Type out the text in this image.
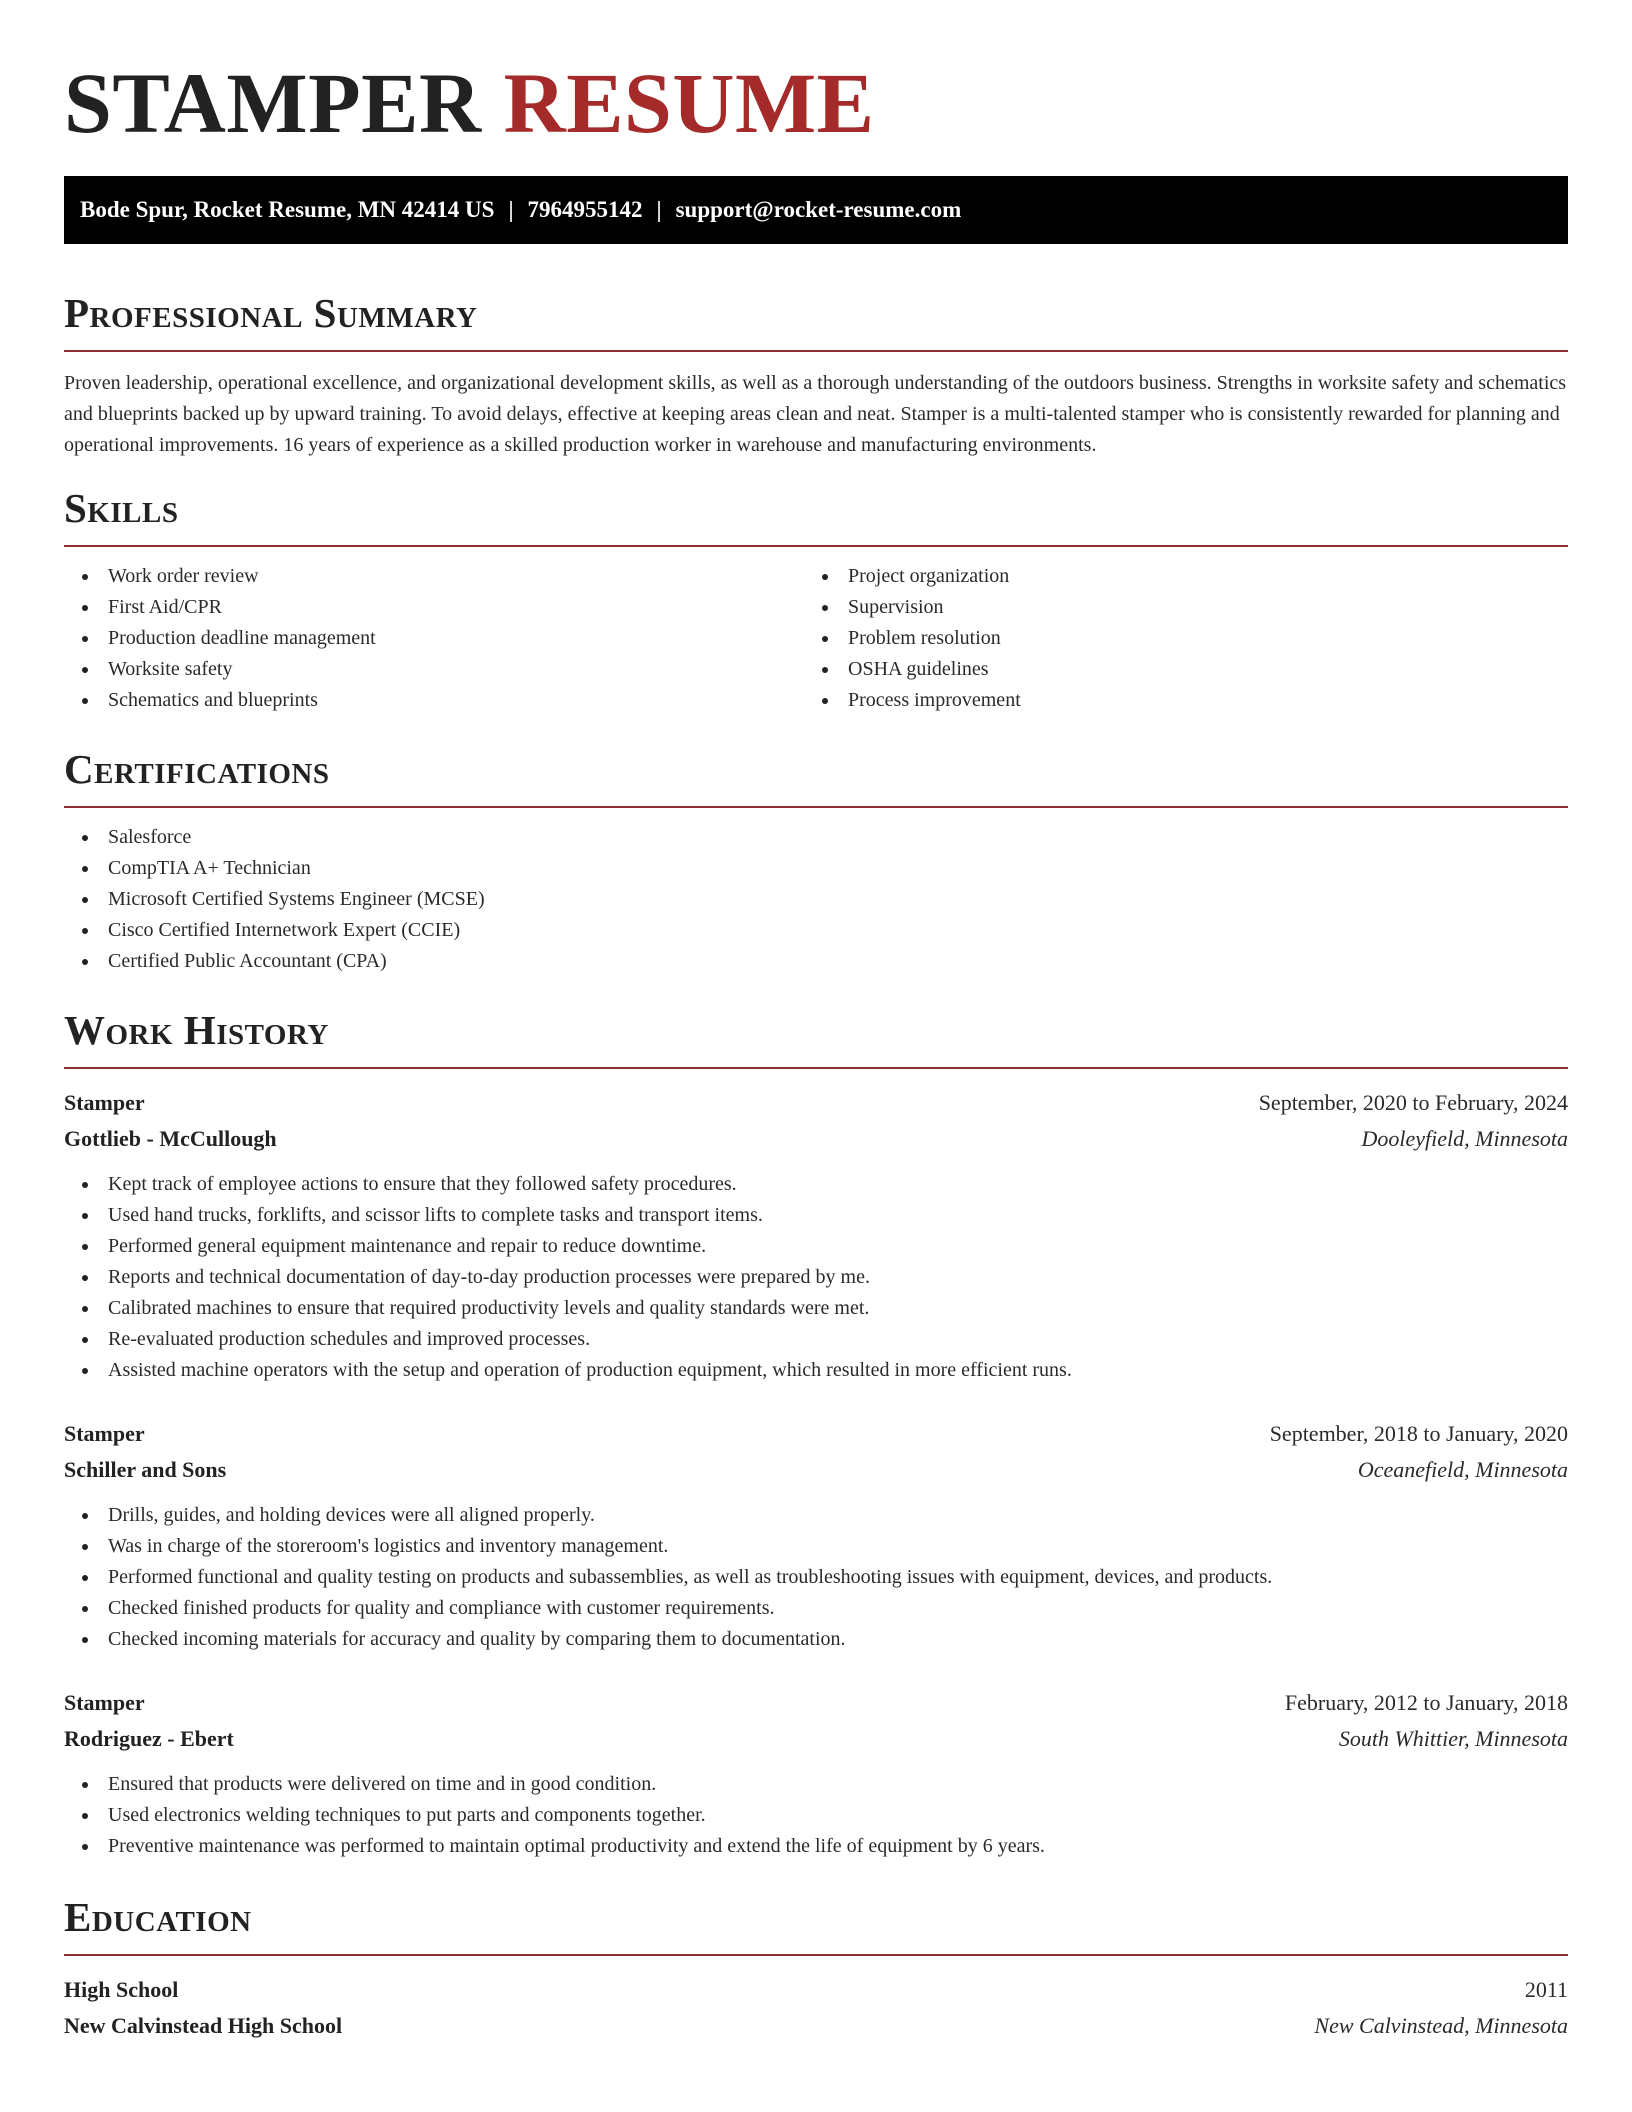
STAMPER RESUME
Bode Spur, Rocket Resume, MN 42414 US | 7964955142 | support@rocket-resume.com
Professional Summary

Proven leadership, operational excellence, and organizational development skills, as well as a thorough understanding of the outdoors business. Strengths in worksite safety and schematics and blueprints backed up by upward training. To avoid delays, effective at keeping areas clean and neat. Stamper is a multi-talented stamper who is consistently rewarded for planning and operational improvements. 16 years of experience as a skilled production worker in warehouse and manufacturing environments.

Skills
Work order review
First Aid/CPR
Production deadline management
Worksite safety
Schematics and blueprints
Project organization
Supervision
Problem resolution
OSHA guidelines
Process improvement
Certifications
Salesforce
CompTIA A+ Technician
Microsoft Certified Systems Engineer (MCSE)
Cisco Certified Internetwork Expert (CCIE)
Certified Public Accountant (CPA)
Work History
Stamper	September, 2020 to February, 2024
Gottlieb - McCullough	Dooleyfield, Minnesota
Kept track of employee actions to ensure that they followed safety procedures.
Used hand trucks, forklifts, and scissor lifts to complete tasks and transport items.
Performed general equipment maintenance and repair to reduce downtime.
Reports and technical documentation of day-to-day production processes were prepared by me.
Calibrated machines to ensure that required productivity levels and quality standards were met.
Re-evaluated production schedules and improved processes.
Assisted machine operators with the setup and operation of production equipment, which resulted in more efficient runs.
Stamper	September, 2018 to January, 2020
Schiller and Sons	Oceanefield, Minnesota
Drills, guides, and holding devices were all aligned properly.
Was in charge of the storeroom's logistics and inventory management.
Performed functional and quality testing on products and subassemblies, as well as troubleshooting issues with equipment, devices, and products.
Checked finished products for quality and compliance with customer requirements.
Checked incoming materials for accuracy and quality by comparing them to documentation.
Stamper	February, 2012 to January, 2018
Rodriguez - Ebert	South Whittier, Minnesota
Ensured that products were delivered on time and in good condition.
Used electronics welding techniques to put parts and components together.
Preventive maintenance was performed to maintain optimal productivity and extend the life of equipment by 6 years.
Education
High School	2011
New Calvinstead High School	New Calvinstead, Minnesota
